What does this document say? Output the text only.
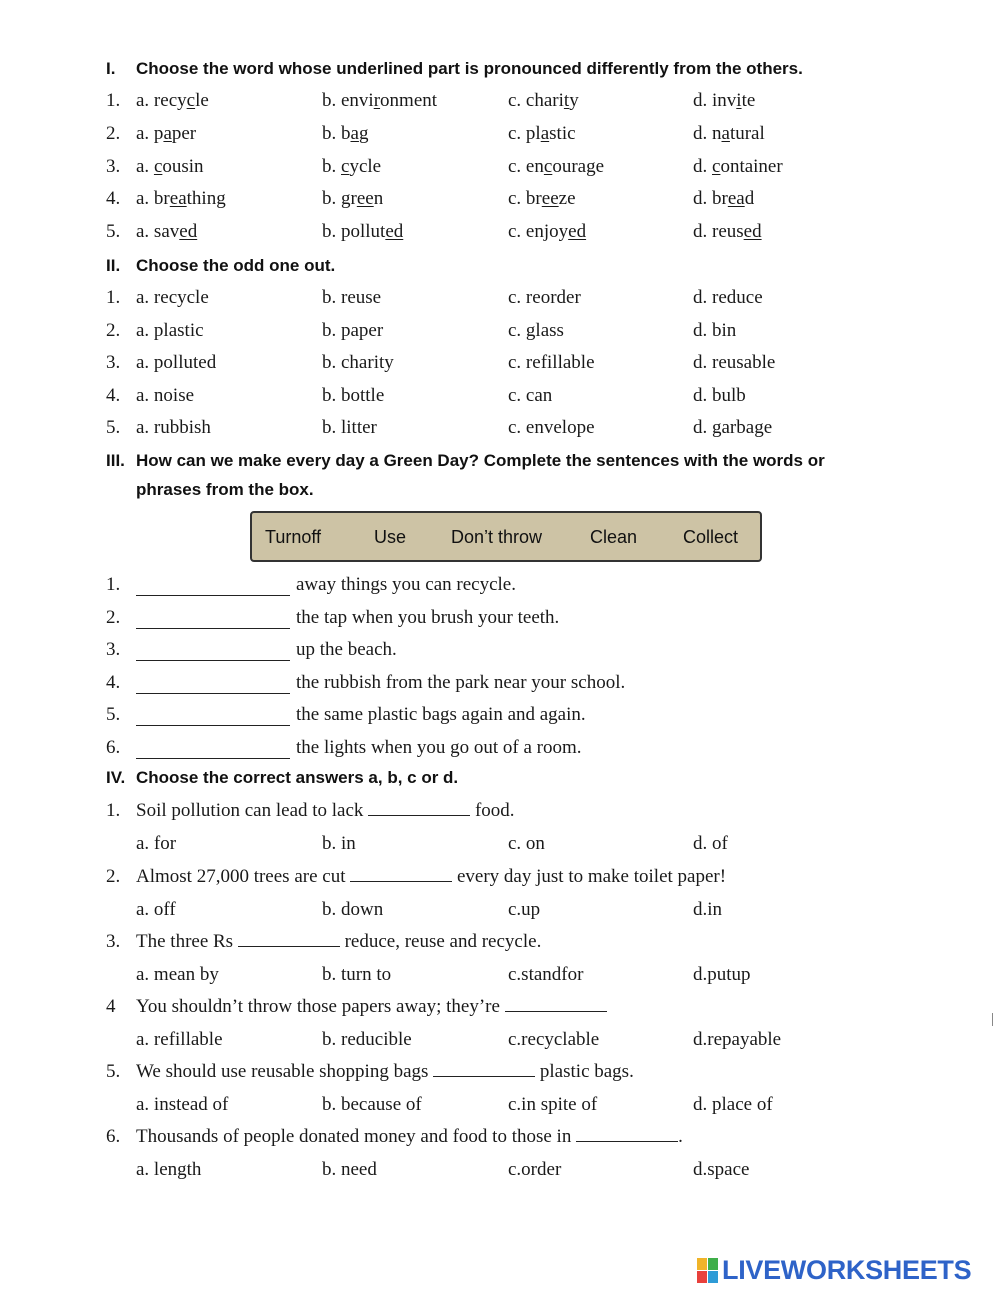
I. Choose the word whose underlined part is pronounced differently from the others.
1. a. recycle	b. environment	c. charity	d. invite
2. a. paper	b. bag	c. plastic	d. natural
3. a. cousin	b. cycle	c. encourage	d. container
4. a. breathing	b. green	c. breeze	d. bread
5. a. saved	b. polluted	c. enjoyed	d. reused
II. Choose the odd one out.
1. a. recycle	b. reuse	c. reorder	d. reduce
2. a. plastic	b. paper	c. glass	d. bin
3. a. polluted	b. charity	c. refillable	d. reusable
4. a. noise	b. bottle	c. can	d. bulb
5. a. rubbish	b. litter	c. envelope	d. garbage
III. How can we make every day a Green Day? Complete the sentences with the words or
phrases from the box.
Turnoff	Use Don’t throw	Clean	Collect
1.	away things you can recycle.
2.	the tap when you brush your teeth.
3.	up the beach.
4.	the rubbish from the park near your school.
5.	the same plastic bags again and again.
6.	the lights when you go out of a room.
IV. Choose the correct answers a, b, c or d.
1. Soil pollution can lead to lack	food.
a. for	b. in	c. on	d. of
2. Almost 27,000 trees are cut	every day just to make toilet paper!
a. off	b. down	c.up	d.in
3. The three Rs	reduce, reuse and recycle.
a. mean by	b. turn to	c.standfor	d.putup
4 You shouldn’t throw those papers away; they’re
a. refillable	b. reducible	c.recyclable	d.repayable
5. We should use reusable shopping bags	plastic bags.
a. instead of	b. because of	c.in spite of	d. place of
6. Thousands of people donated money and food to those in	.
a. length	b. need	c.order	d.space
LIVEWORKSHEETS
